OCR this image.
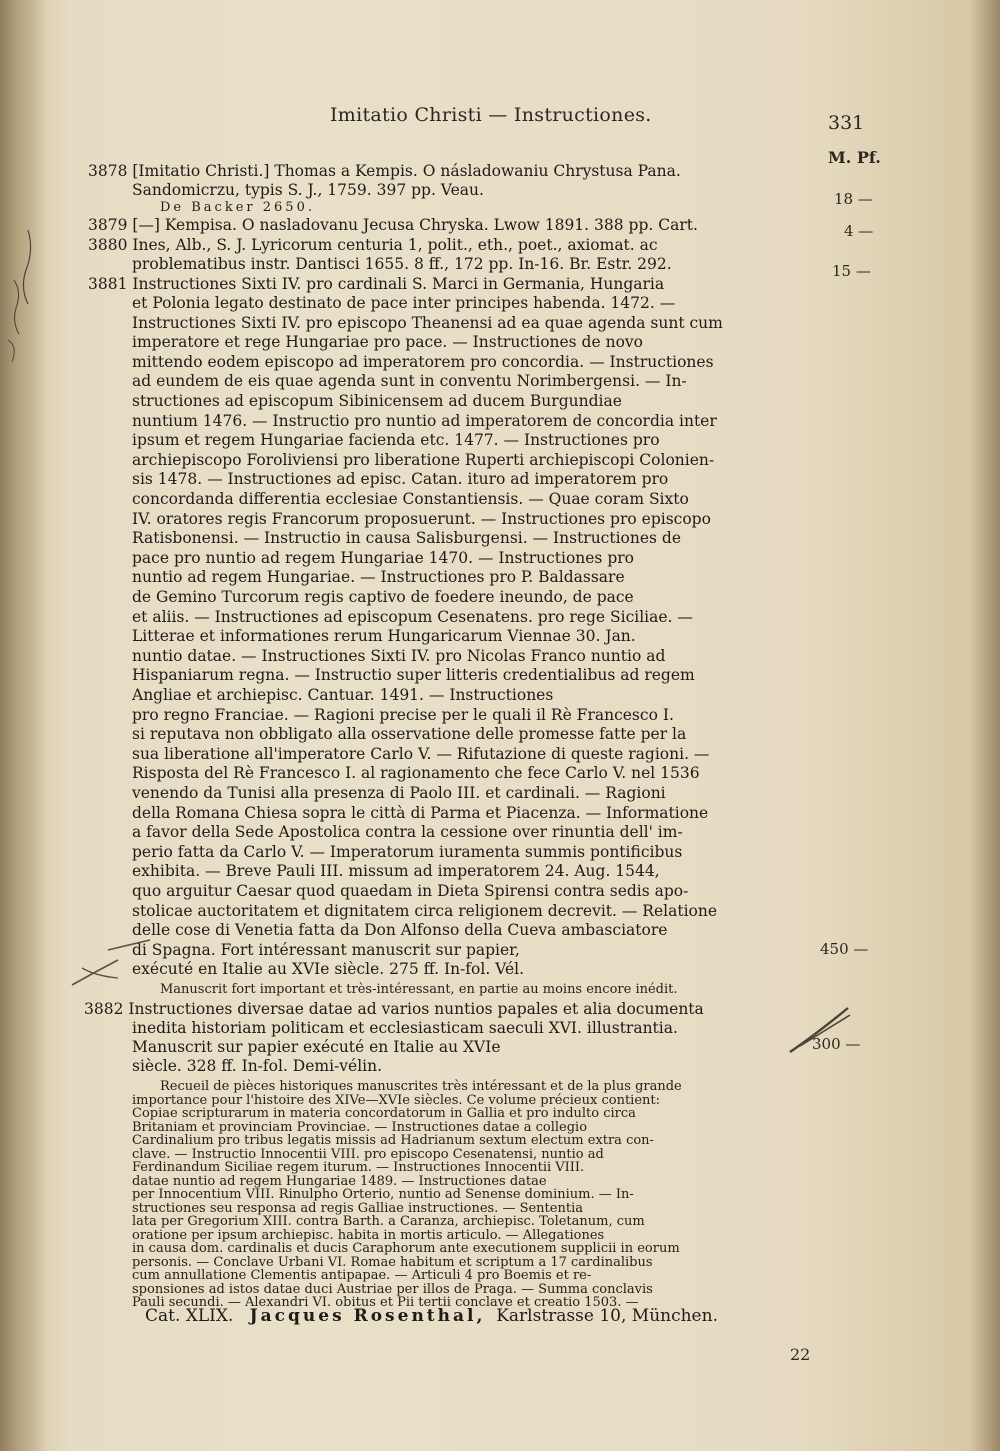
Imitatio Christi — Instructiones.	331
M. Pf.
3878 [Imitatio Christi.] Thomas a Kempis. O násladowaniu Chrystusa Pana.
Sandomicrzu, typis S. J., 1759. 397 pp. Veau.
De Backer 2650.
3879 [—] Kempisa. O nasladovanu Jecusa Chryska. Lwow 1891. 388 pp. Cart.
3880 Ines, Alb., S. J. Lyricorum centuria 1, polit., eth., poet., axiomat. ac
problematibus instr. Dantisci 1655. 8 ff., 172 pp. In-16. Br. Estr. 292.
3881 Instructiones Sixti IV. pro cardinali S. Marci in Germania, Hungaria
et Polonia legato destinato de pace inter principes habenda. 1472. —
Instructiones Sixti IV. pro episcopo Theanensi ad ea quae agenda sunt cum
imperatore et rege Hungariae pro pace. — Instructiones de novo
mittendo eodem episcopo ad imperatorem pro concordia. — Instructiones
ad eundem de eis quae agenda sunt in conventu Norimbergensi. — In-
structiones ad episcopum Sibinicensem ad ducem Burgundiae
nuntium 1476. — Instructio pro nuntio ad imperatorem de concordia inter
ipsum et regem Hungariae facienda etc. 1477. — Instructiones pro
archiepiscopo Foroliviensi pro liberatione Ruperti archiepiscopi Colonien-
sis 1478. — Instructiones ad episc. Catan. ituro ad imperatorem pro
concordanda differentia ecclesiae Constantiensis. — Quae coram Sixto
IV. oratores regis Francorum proposuerunt. — Instructiones pro episcopo
Ratisbonensi. — Instructio in causa Salisburgensi. — Instructiones de
pace pro nuntio ad regem Hungariae 1470. — Instructiones pro
nuntio ad regem Hungariae. — Instructiones pro P. Baldassare
de Gemino Turcorum regis captivo de foedere ineundo, de pace
et aliis. — Instructiones ad episcopum Cesenatens. pro rege Siciliae. —
Litterae et informationes rerum Hungaricarum Viennae 30. Jan.
nuntio datae. — Instructiones Sixti IV. pro Nicolas Franco nuntio ad
Hispaniarum regna. — Instructio super litteris credentialibus ad regem
Angliae et archiepisc. Cantuar. 1491. — Instructiones
pro regno Franciae. — Ragioni precise per le quali il Rè Francesco I.
si reputava non obbligato alla osservatione delle promesse fatte per la
sua liberatione all'imperatore Carlo V. — Rifutazione di queste ragioni. —
Risposta del Rè Francesco I. al ragionamento che fece Carlo V. nel 1536
venendo da Tunisi alla presenza di Paolo III. et cardinali. — Ragioni
della Romana Chiesa sopra le città di Parma et Piacenza. — Informatione
a favor della Sede Apostolica contra la cessione over rinuntia dell' im-
perio fatta da Carlo V. — Imperatorum iuramenta summis pontificibus
exhibita. — Breve Pauli III. missum ad imperatorem 24. Aug. 1544,
quo arguitur Caesar quod quaedam in Dieta Spirensi contra sedis apo-
stolicae auctoritatem et dignitatem circa religionem decrevit. — Relatione
delle cose di Venetia fatta da Don Alfonso della Cueva ambasciatore
di Spagna. Fort intéressant manuscrit sur papier,
exécuté en Italie au XVIe siècle. 275 ff. In-fol. Vél.
Manuscrit fort important et très-intéressant, en partie au moins encore inédit.
3882 Instructiones diversae datae ad varios nuntios papales et alia documenta
inedita historiam politicam et ecclesiasticam saeculi XVI. illustrantia.
Manuscrit sur papier exécuté en Italie au XVIe
siècle. 328 ff. In-fol. Demi-vélin.
Recueil de pièces historiques manuscrites très intéressant et de la plus grande
importance pour l'histoire des XIVe—XVIe siècles. Ce volume précieux contient:
Copiae scripturarum in materia concordatorum in Gallia et pro indulto circa
Britaniam et provinciam Provinciae. — Instructiones datae a collegio
Cardinalium pro tribus legatis missis ad Hadrianum sextum electum extra con-
clave. — Instructio Innocentii VIII. pro episcopo Cesenatensi, nuntio ad
Ferdinandum Siciliae regem iturum. — Instructiones Innocentii VIII.
datae nuntio ad regem Hungariae 1489. — Instructiones datae
per Innocentium VIII. Rinulpho Orterio, nuntio ad Senense dominium. — In-
structiones seu responsa ad regis Galliae instructiones. — Sententia
lata per Gregorium XIII. contra Barth. a Caranza, archiepisc. Toletanum, cum
oratione per ipsum archiepisc. habita in mortis articulo. — Allegationes
in causa dom. cardinalis et ducis Caraphorum ante executionem supplicii in eorum
personis. — Conclave Urbani VI. Romae habitum et scriptum a 17 cardinalibus
cum annullatione Clementis antipapae. — Articuli 4 pro Boemis et re-
sponsiones ad istos datae duci Austriae per illos de Praga. — Summa conclavis
Pauli secundi. — Alexandri VI. obitus et Pii tertii conclave et creatio 1503. —
18 —
4 —
15 —
450 —
300 —
Cat. XLIX. Jacques Rosenthal, Karlstrasse 10, München.
22
